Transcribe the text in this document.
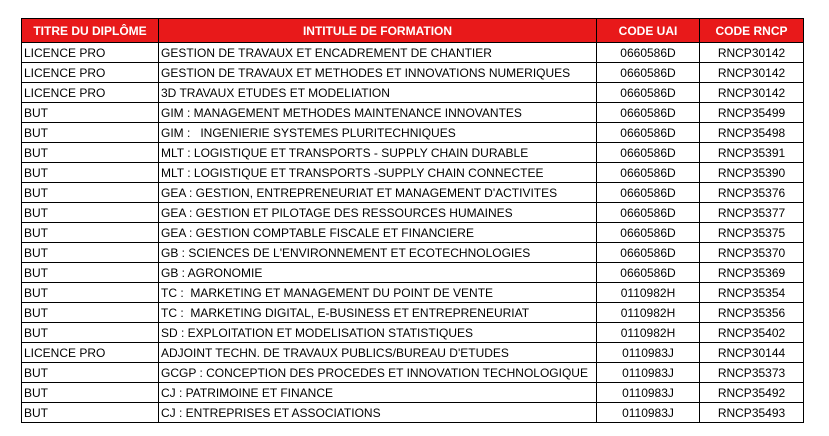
TITRE DU DIPLÔME	INTITULE DE FORMATION	CODE UAI	CODE RNCP
LICENCE PRO	GESTION DE TRAVAUX ET ENCADREMENT DE CHANTIER	0660586D	RNCP30142
LICENCE PRO	GESTION DE TRAVAUX ET METHODES ET INNOVATIONS NUMERIQUES	0660586D	RNCP30142
LICENCE PRO	3D TRAVAUX ETUDES ET MODELIATION	0660586D	RNCP30142
BUT	GIM : MANAGEMENT METHODES MAINTENANCE INNOVANTES	0660586D	RNCP35499
BUT	GIM :   INGENIERIE SYSTEMES PLURITECHNIQUES	0660586D	RNCP35498
BUT	MLT : LOGISTIQUE ET TRANSPORTS - SUPPLY CHAIN DURABLE	0660586D	RNCP35391
BUT	MLT : LOGISTIQUE ET TRANSPORTS -SUPPLY CHAIN CONNECTEE	0660586D	RNCP35390
BUT	GEA : GESTION, ENTREPRENEURIAT ET MANAGEMENT D'ACTIVITES	0660586D	RNCP35376
BUT	GEA : GESTION ET PILOTAGE DES RESSOURCES HUMAINES	0660586D	RNCP35377
BUT	GEA : GESTION COMPTABLE FISCALE ET FINANCIERE	0660586D	RNCP35375
BUT	GB : SCIENCES DE L'ENVIRONNEMENT ET ECOTECHNOLOGIES	0660586D	RNCP35370
BUT	GB : AGRONOMIE	0660586D	RNCP35369
BUT	TC :  MARKETING ET MANAGEMENT DU POINT DE VENTE	0110982H	RNCP35354
BUT	TC :  MARKETING DIGITAL, E-BUSINESS ET ENTREPRENEURIAT	0110982H	RNCP35356
BUT	SD : EXPLOITATION ET MODELISATION STATISTIQUES	0110982H	RNCP35402
LICENCE PRO	ADJOINT TECHN. DE TRAVAUX PUBLICS/BUREAU D'ETUDES	0110983J	RNCP30144
BUT	GCGP : CONCEPTION DES PROCEDES ET INNOVATION TECHNOLOGIQUE	0110983J	RNCP35373
BUT	CJ : PATRIMOINE ET FINANCE	0110983J	RNCP35492
BUT	CJ : ENTREPRISES ET ASSOCIATIONS	0110983J	RNCP35493
